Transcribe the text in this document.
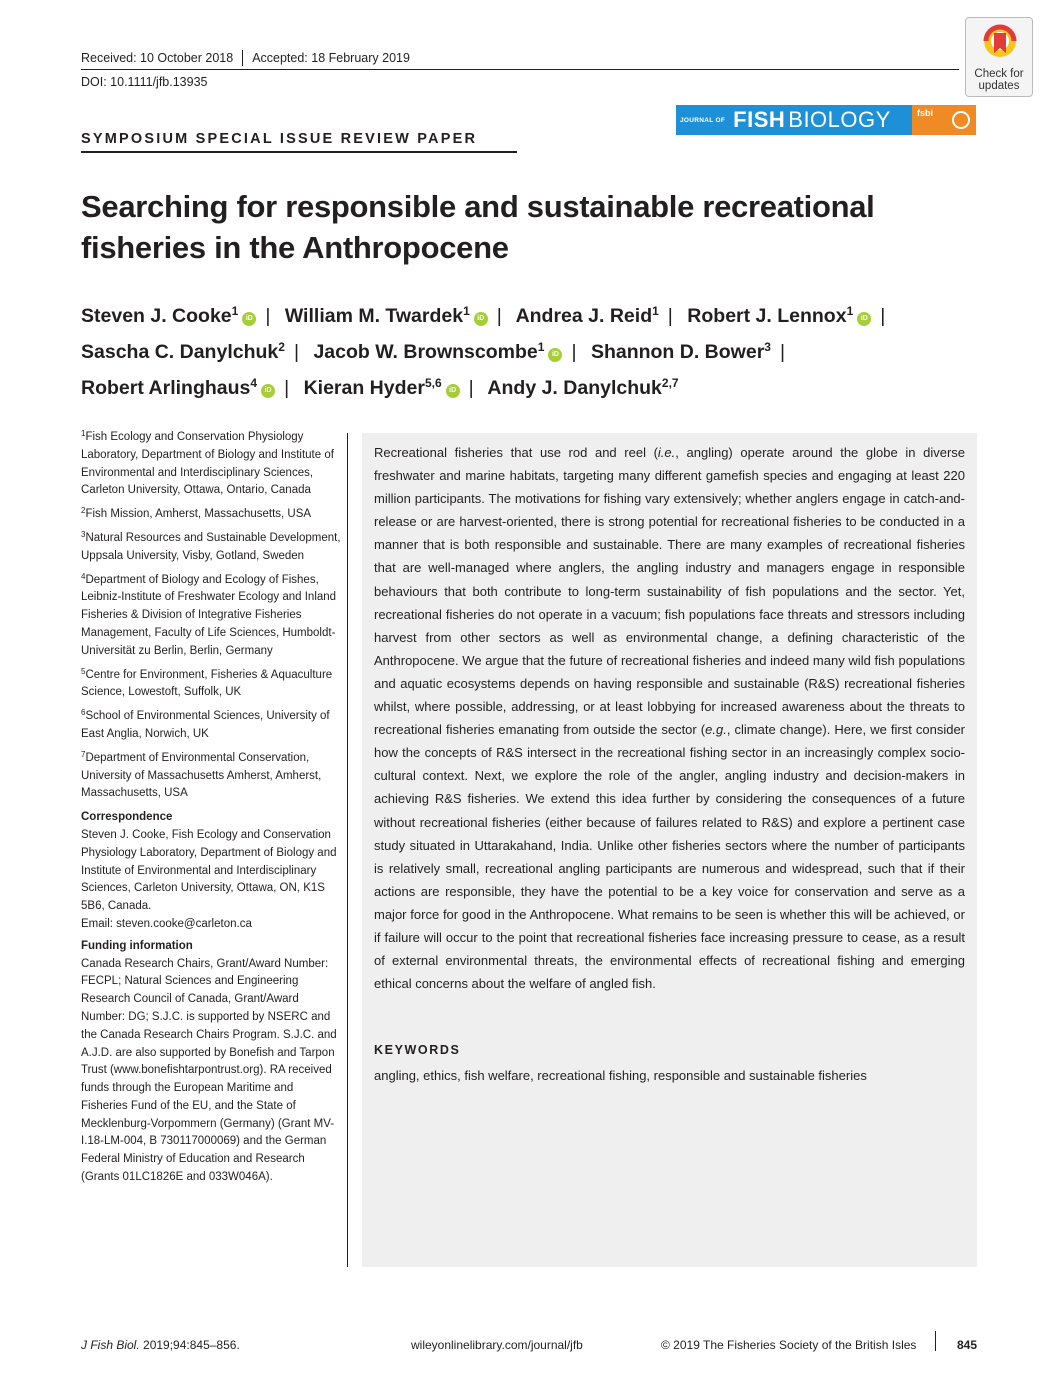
Received: 10 October 2018 Accepted: 18 February 2019
DOI: 10.1111/jfb.13935
Check for
updates
JOURNAL OF FISH BIOLOGY	fsbi
SYMPOSIUM SPECIAL ISSUE REVIEW PAPER
Searching for responsible and sustainable recreational fisheries in the Anthropocene
Steven J. Cooke$^1$iD | William M. Twardek$^1$iD | Andrea J. Reid$^1$ | Robert J. Lennox$^1$iD |
Sascha C. Danylchuk$^2$ | Jacob W. Brownscombe$^1$iD | Shannon D. Bower$^3$ |
Robert Arlinghaus$^4$iD | Kieran Hyder$^{5,6}$iD | Andy J. Danylchuk$^{2,7}$
$^1$Fish Ecology and Conservation Physiology Laboratory, Department of Biology and Institute of Environmental and Interdisciplinary Sciences, Carleton University, Ottawa, Ontario, Canada
$^2$Fish Mission, Amherst, Massachusetts, USA
$^3$Natural Resources and Sustainable Development, Uppsala University, Visby, Gotland, Sweden
$^4$Department of Biology and Ecology of Fishes, Leibniz-Institute of Freshwater Ecology and Inland Fisheries & Division of Integrative Fisheries Management, Faculty of Life Sciences, Humboldt-Universität zu Berlin, Berlin, Germany
$^5$Centre for Environment, Fisheries & Aquaculture Science, Lowestoft, Suffolk, UK
$^6$School of Environmental Sciences, University of East Anglia, Norwich, UK
$^7$Department of Environmental Conservation, University of Massachusetts Amherst, Amherst, Massachusetts, USA
Correspondence
Steven J. Cooke, Fish Ecology and Conservation Physiology Laboratory, Department of Biology and Institute of Environmental and Interdisciplinary Sciences, Carleton University, Ottawa, ON, K1S 5B6, Canada.
Email: steven.cooke@carleton.ca
Funding information
Canada Research Chairs, Grant/Award Number: FECPL; Natural Sciences and Engineering Research Council of Canada, Grant/Award Number: DG; S.J.C. is supported by NSERC and the Canada Research Chairs Program. S.J.C. and A.J.D. are also supported by Bonefish and Tarpon Trust (www.bonefishtarpontrust.org). RA received funds through the European Maritime and Fisheries Fund of the EU, and the State of Mecklenburg-Vorpommern (Germany) (Grant MV-I.18-LM-004, B 730117000069) and the German Federal Ministry of Education and Research (Grants 01LC1826E and 033W046A).
Recreational fisheries that use rod and reel (i.e., angling) operate around the globe in diverse freshwater and marine habitats, targeting many different gamefish species and engaging at least 220 million participants. The motivations for fishing vary extensively; whether anglers engage in catch-and-release or are harvest-oriented, there is strong potential for recreational fisheries to be conducted in a manner that is both responsible and sustainable. There are many examples of recreational fisheries that are well-managed where anglers, the angling industry and managers engage in responsible behaviours that both contribute to long-term sustainability of fish populations and the sector. Yet, recreational fisheries do not operate in a vacuum; fish populations face threats and stressors including harvest from other sectors as well as environmental change, a defining characteristic of the Anthropocene. We argue that the future of recreational fisheries and indeed many wild fish populations and aquatic ecosystems depends on having responsible and sustainable (R&S) recreational fisheries whilst, where possible, addressing, or at least lobbying for increased awareness about the threats to recreational fisheries emanating from outside the sector (e.g., climate change). Here, we first consider how the concepts of R&S intersect in the recreational fishing sector in an increasingly complex socio-cultural context. Next, we explore the role of the angler, angling industry and decision-makers in achieving R&S fisheries. We extend this idea further by considering the consequences of a future without recreational fisheries (either because of failures related to R&S) and explore a pertinent case study situated in Uttarakahand, India. Unlike other fisheries sectors where the number of participants is relatively small, recreational angling participants are numerous and widespread, such that if their actions are responsible, they have the potential to be a key voice for conservation and serve as a major force for good in the Anthropocene. What remains to be seen is whether this will be achieved, or if failure will occur to the point that recreational fisheries face increasing pressure to cease, as a result of external environmental threats, the environmental effects of recreational fishing and emerging ethical concerns about the welfare of angled fish.
KEYWORDS
angling, ethics, fish welfare, recreational fishing, responsible and sustainable fisheries
J Fish Biol. 2019;94:845–856.	wileyonlinelibrary.com/journal/jfb	© 2019 The Fisheries Society of the British Isles	845
